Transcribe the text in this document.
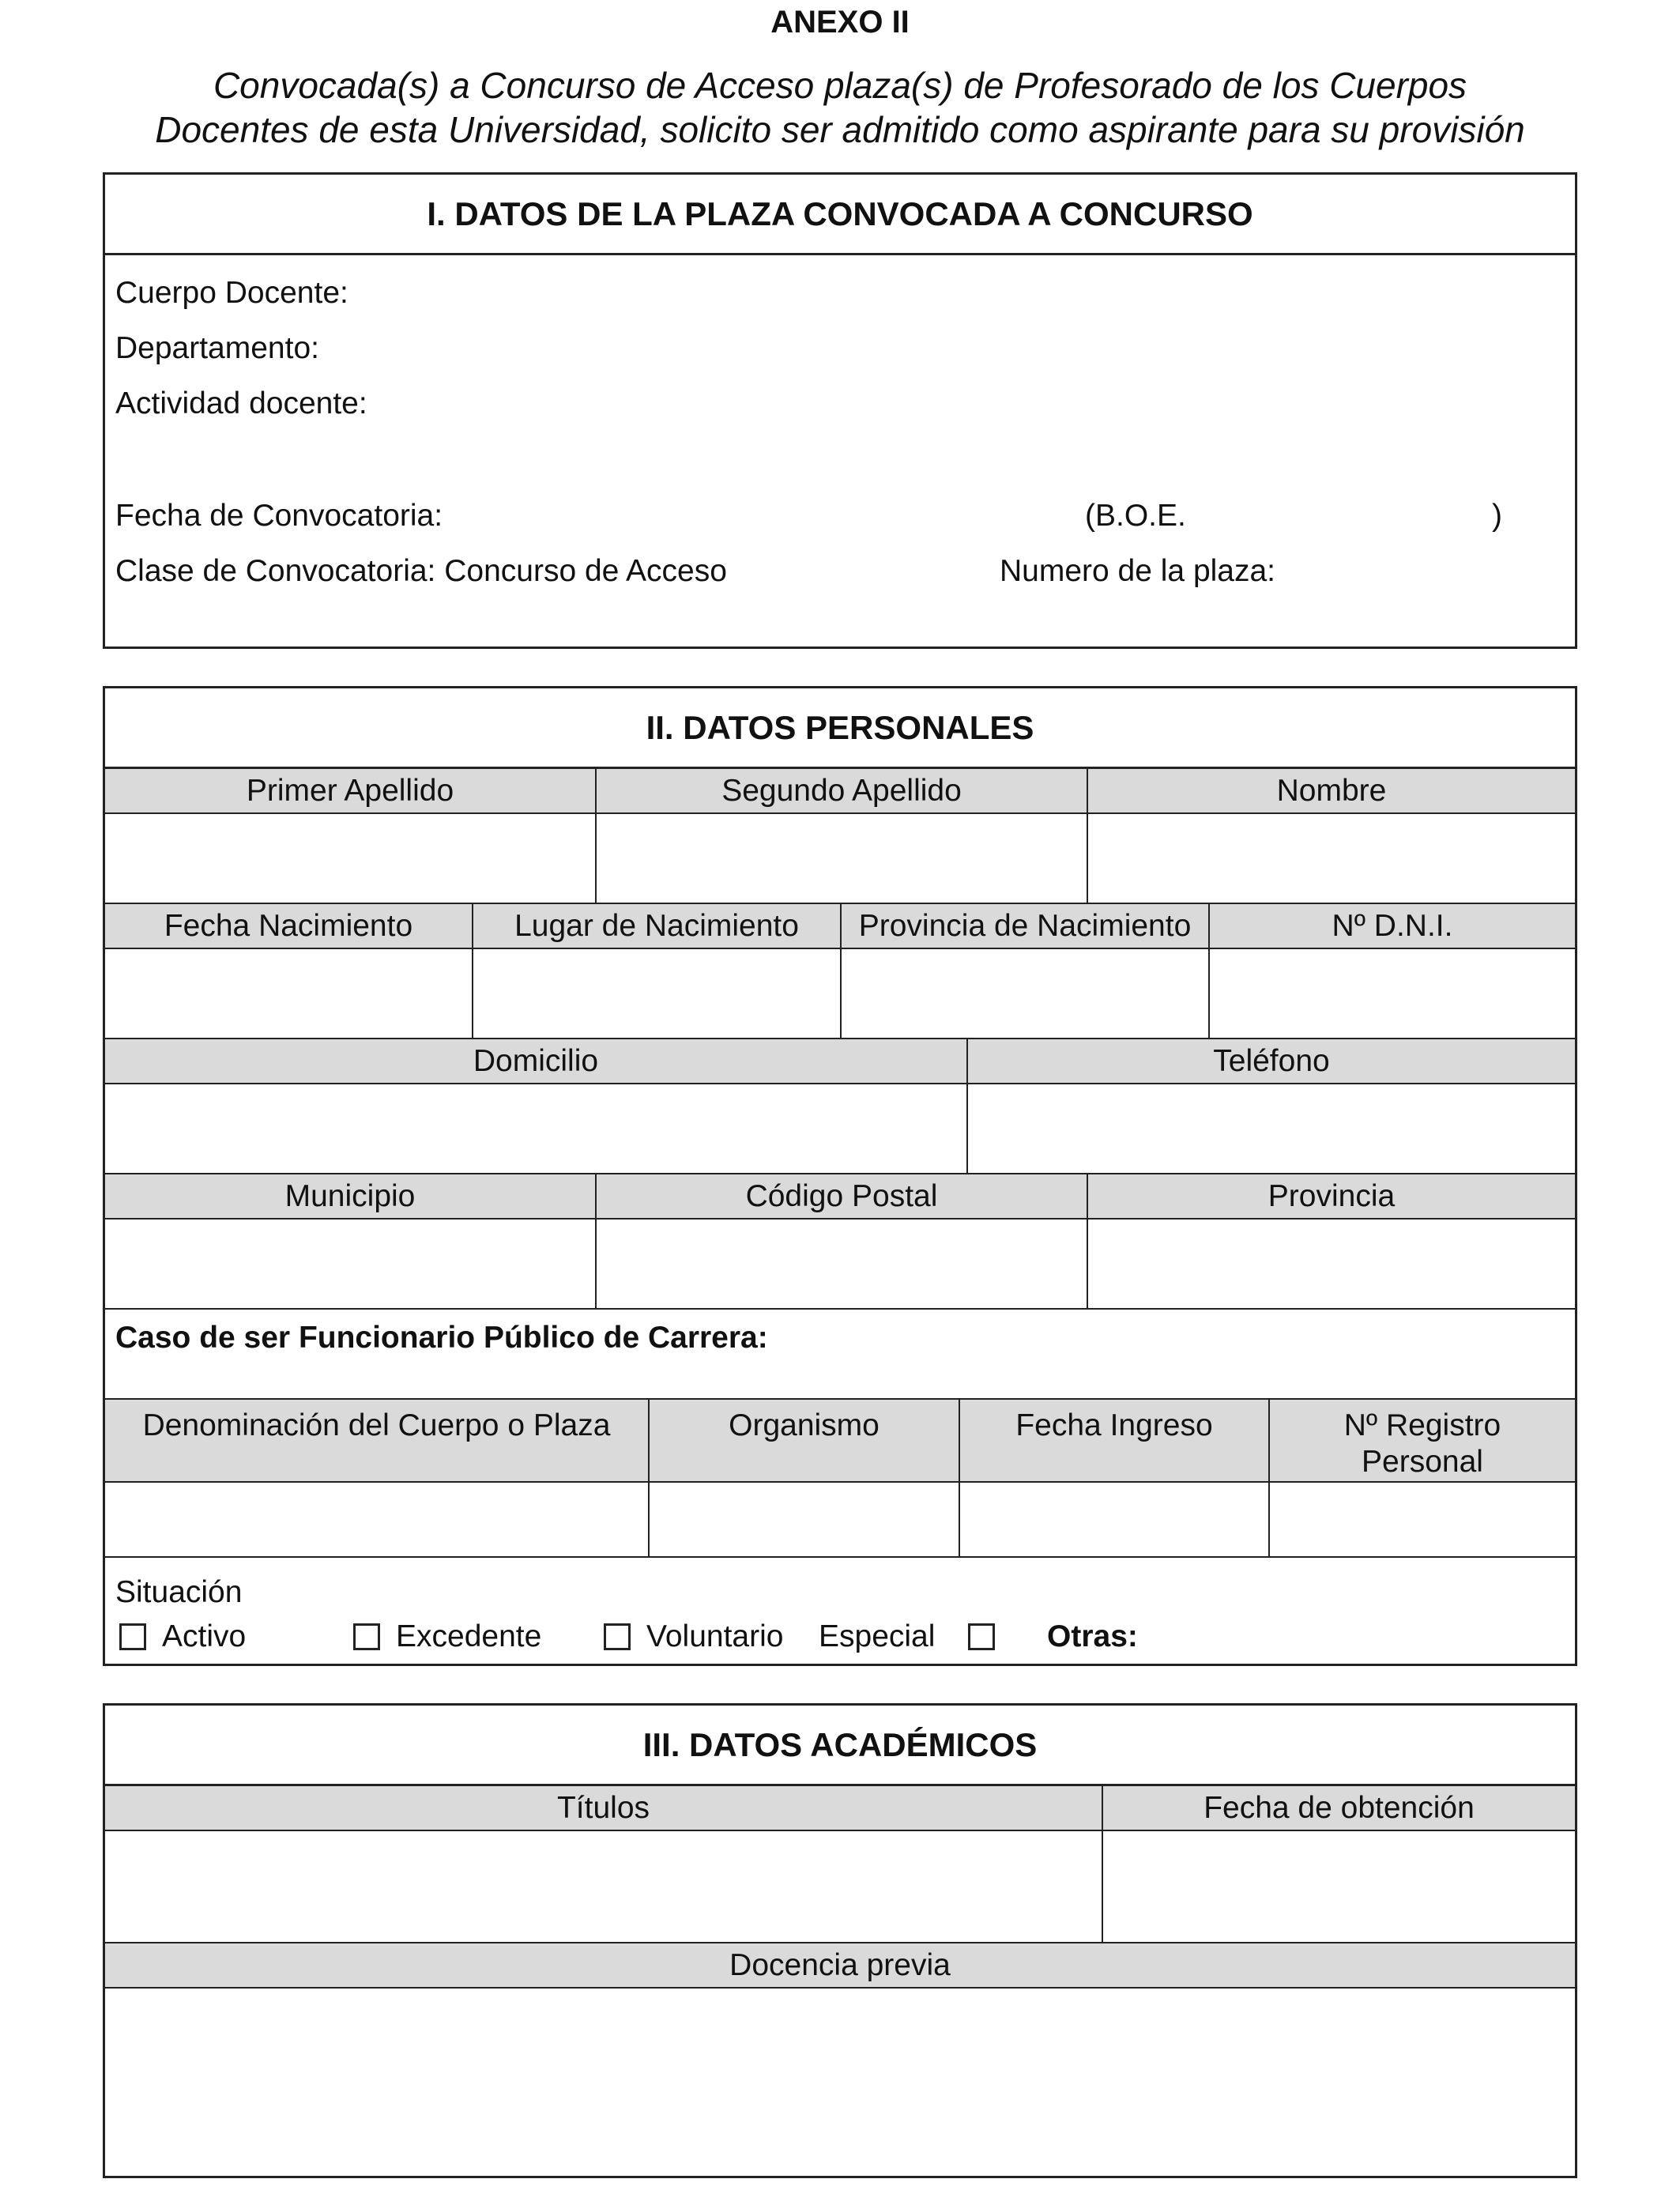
ANEXO II
Convocada(s) a Concurso de Acceso plaza(s) de Profesorado de los Cuerpos
Docentes de esta Universidad, solicito ser admitido como aspirante para su provisión
I. DATOS DE LA PLAZA CONVOCADA A CONCURSO
Cuerpo Docente:
Departamento:
Actividad docente:
Fecha de Convocatoria:	(B.O.E.	)
Clase de Convocatoria: Concurso de Acceso	Numero de la plaza:
II. DATOS PERSONALES
Primer Apellido	Segundo Apellido	Nombre
Fecha Nacimiento	Lugar de Nacimiento	Provincia de Nacimiento	Nº D.N.I.
Domicilio	Teléfono
Municipio	Código Postal	Provincia
Caso de ser Funcionario Público de Carrera:
Denominación del Cuerpo o Plaza	Organismo	Fecha Ingreso	Nº Registro
Personal
Situación
Activo	Excedente	Voluntario Especial	Otras:
III. DATOS ACADÉMICOS
Títulos	Fecha de obtención
Docencia previa
